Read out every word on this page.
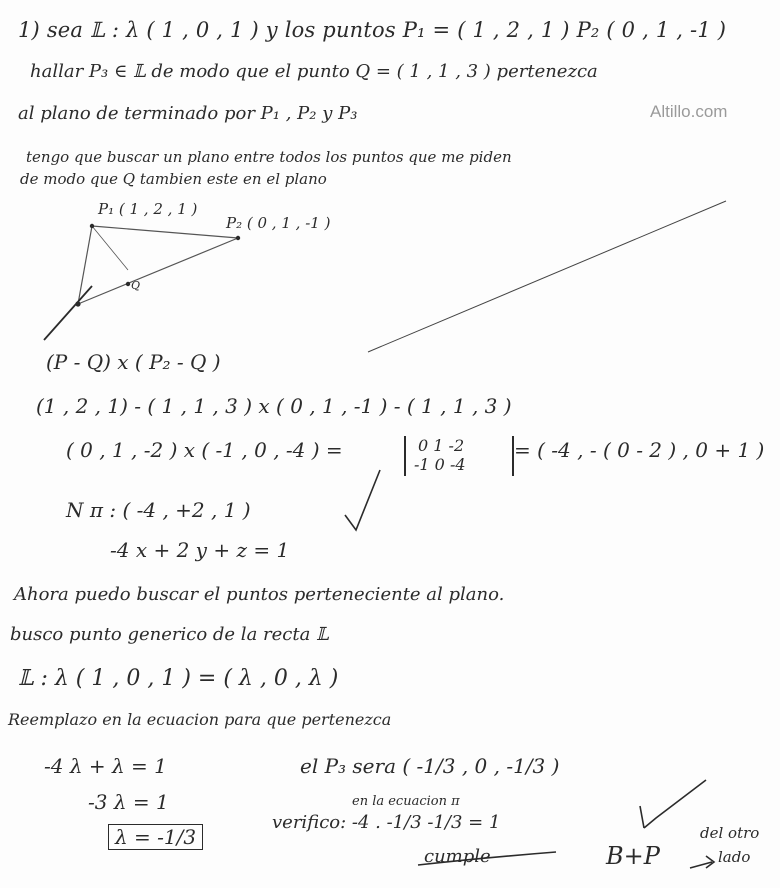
Altillo.com
1) sea 𝕃 : λ ( 1 , 0 , 1 ) y los puntos P₁ = ( 1 , 2 , 1 ) P₂ ( 0 , 1 , -1 )
hallar P₃ ∈ 𝕃 de modo que el punto Q = ( 1 , 1 , 3 ) pertenezca
al plano de terminado por P₁ , P₂ y P₃
tengo que buscar un plano entre todos los puntos que me piden
de modo que Q tambien este en el plano
P₁ ( 1 , 2 , 1 )
P₂ ( 0 , 1 , -1 )
Q
(P - Q) x ( P₂ - Q )
(1 , 2 , 1) - ( 1 , 1 , 3 ) x ( 0 , 1 , -1 ) - ( 1 , 1 , 3 )
( 0 , 1 , -2 ) x ( -1 , 0 , -4 ) =	0 1 -2
-1 0 -4
= ( -4 , - ( 0 - 2 ) , 0 + 1 )
N π : ( -4 , +2 , 1 )
-4 x + 2 y + z = 1
Ahora puedo buscar el puntos perteneciente al plano.
busco punto generico de la recta 𝕃
𝕃 : λ ( 1 , 0 , 1 ) = ( λ , 0 , λ )
Reemplazo en la ecuacion para que pertenezca
-4 λ + λ = 1
-3 λ = 1
λ = -1/3
el P₃ sera ( -1/3 , 0 , -1/3 )
en la ecuacion π
verifico: -4 . -1/3 -1/3 = 1
cumple	B+P
del otro
lado
